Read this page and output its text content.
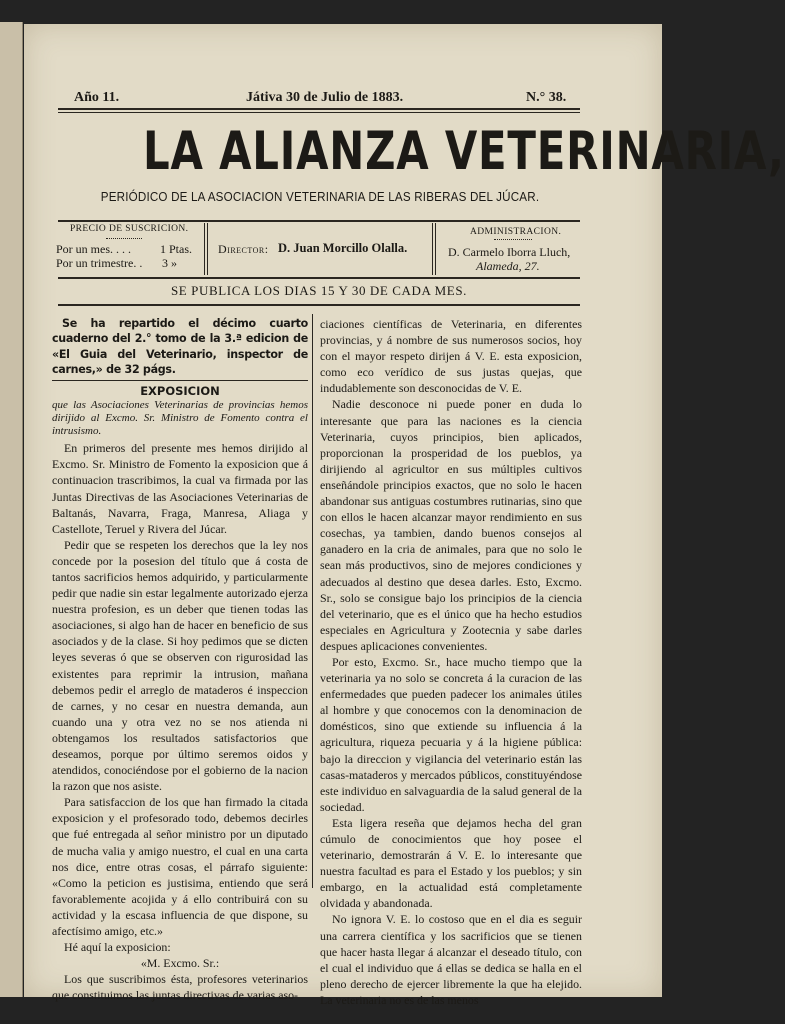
Año 11.	Játiva 30 de Julio de 1883.	N.° 38.
LA ALIANZA VETERINARIA,
PERIÓDICO DE LA ASOCIACION VETERINARIA DE LAS RIBERAS DEL JÚCAR.
PRECIO DE SUSCRICION.
Por un mes. . . . 1 Ptas.
Por un trimestre. . 3 »
Director: D. Juan Morcillo Olalla.
ADMINISTRACION.
D. Carmelo Iborra Lluch,
Alameda, 27.
SE PUBLICA LOS DIAS 15 Y 30 DE CADA MES.

Se ha repartido el décimo cuarto cuaderno del 2.° tomo de la 3.ª edicion de «El Guia del Veterinario, inspector de carnes,» de 32 págs.

EXPOSICION

que las Asociaciones Veterinarias de provincias hemos dirijido al Excmo. Sr. Ministro de Fomento contra el intrusismo.

En primeros del presente mes hemos dirijido al Excmo. Sr. Ministro de Fomento la exposicion que á continuacion trascribimos, la cual va firmada por las Juntas Directivas de las Asociaciones Veterinarias de Baltanás, Navarra, Fraga, Manresa, Aliaga y Castellote, Teruel y Rivera del Júcar.

Pedir que se respeten los derechos que la ley nos concede por la posesion del título que á costa de tantos sacrificios hemos adquirido, y particularmente pedir que nadie sin estar legalmente autorizado ejerza nuestra profesion, es un deber que tienen todas las asociaciones, si algo han de hacer en beneficio de sus asociados y de la clase. Si hoy pedimos que se dicten leyes severas ó que se observen con rigurosidad las existentes para reprimir la intrusion, mañana debemos pedir el arreglo de mataderos é inspeccion de carnes, y no cesar en nuestra demanda, aun cuando una y otra vez no se nos atienda ni obtengamos los resultados satisfactorios que deseamos, porque por último seremos oidos y atendidos, conociéndose por el gobierno de la nacion la razon que nos asiste.

Para satisfaccion de los que han firmado la citada exposicion y el profesorado todo, debemos decirles que fué entregada al señor ministro por un diputado de mucha valia y amigo nuestro, el cual en una carta nos dice, entre otras cosas, el párrafo siguiente: «Como la peticion es justisima, entiendo que será favorablemente acojida y á ello contribuirá con su actividad y la escasa influencia de que dispone, su afectísimo amigo, etc.»

Hé aquí la exposicion:

«M. Excmo. Sr.:

Los que suscribimos ésta, profesores veterinarios que constituimos las juntas directivas de varias aso-

ciaciones científicas de Veterinaria, en diferentes provincias, y á nombre de sus numerosos socios, hoy con el mayor respeto dirijen á V. E. esta exposicion, como eco verídico de sus justas quejas, que indudablemente son desconocidas de V. E.

Nadie desconoce ni puede poner en duda lo interesante que para las naciones es la ciencia Veterinaria, cuyos principios, bien aplicados, proporcionan la prosperidad de los pueblos, ya dirijiendo al agricultor en sus múltiples cultivos enseñándole principios exactos, que no solo le hacen abandonar sus antiguas costumbres rutinarias, sino que con ellos le hacen alcanzar mayor rendimiento en sus cosechas, ya tambien, dando buenos consejos al ganadero en la cria de animales, para que no solo le sean más productivos, sino de mejores condiciones y adecuados al destino que desea darles. Esto, Excmo. Sr., solo se consigue bajo los principios de la ciencia del veterinario, que es el único que ha hecho estudios especiales en Agricultura y Zootecnia y sabe darles despues aplicaciones convenientes.

Por esto, Excmo. Sr., hace mucho tiempo que la veterinaria ya no solo se concreta á la curacion de las enfermedades que pueden padecer los animales útiles al hombre y que conocemos con la denominacion de domésticos, sino que extiende su influencia á la agricultura, riqueza pecuaria y á la higiene pública: bajo la direccion y vigilancia del veterinario están las casas-mataderos y mercados públicos, constituyéndose este individuo en salvaguardia de la salud general de la sociedad.

Esta ligera reseña que dejamos hecha del gran cúmulo de conocimientos que hoy posee el veterinario, demostrarán á V. E. lo interesante que nuestra facultad es para el Estado y los pueblos; y sin embargo, en la actualidad está completamente olvidada y abandonada.

No ignora V. E. lo costoso que en el dia es seguir una carrera científica y los sacrificios que se tienen que hacer hasta llegar á alcanzar el deseado título, con el cual el individuo que á ellas se dedica se halla en el pleno derecho de ejercer libremente la que ha elejido. La veterinaria no es de las menos
